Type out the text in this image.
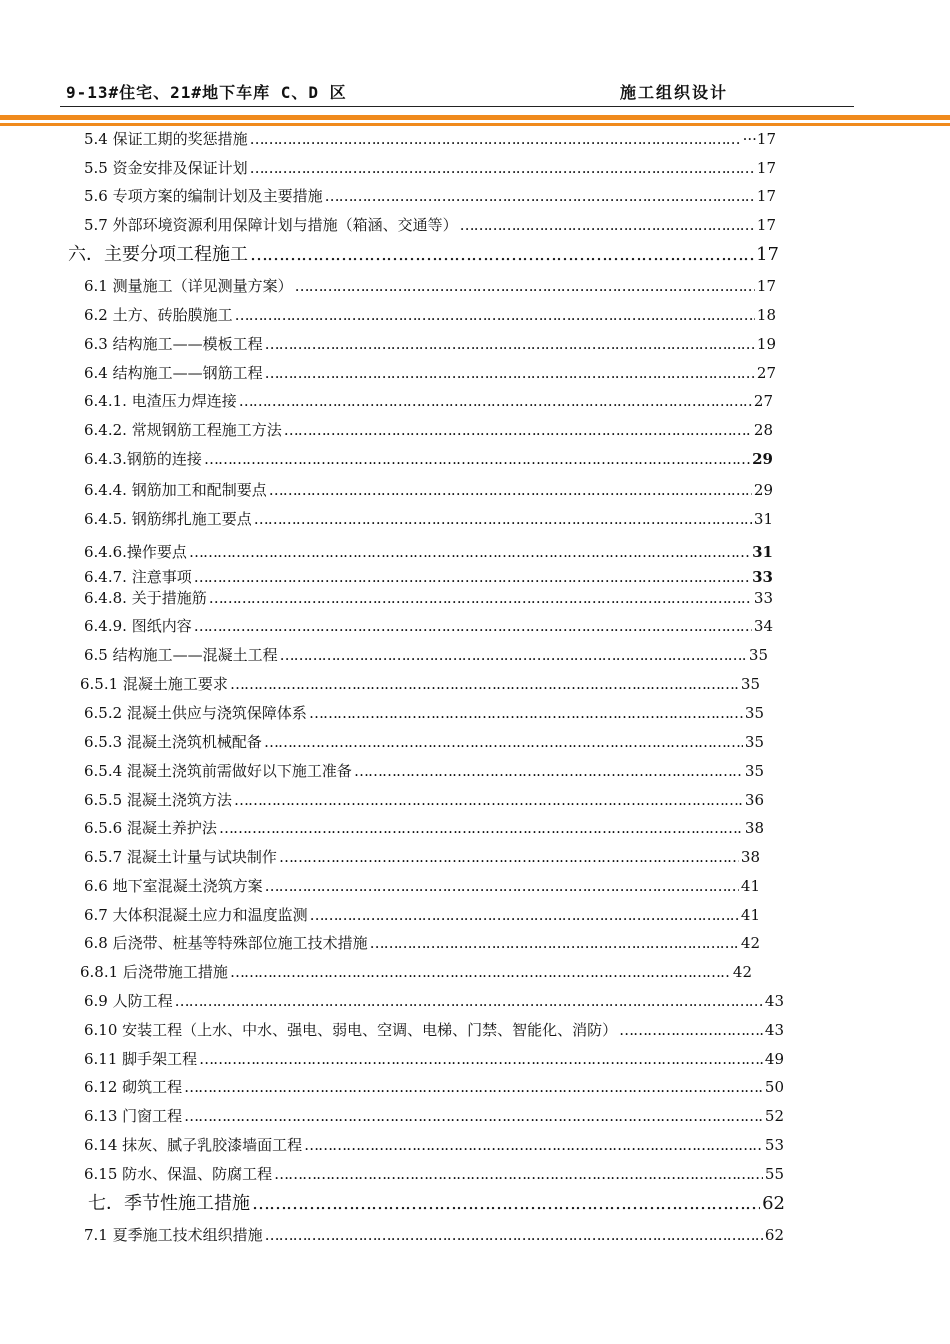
9-13#住宅、21#地下车库 C、D 区	施工组织设计
5.4 保证工期的奖惩措施 ……………………………………………………………………………………………………………………………………………………………………………………………………………………………………………………………………………………	···17
5.5 资金安排及保证计划 ……………………………………………………………………………………………………………………………………………………………………………………………………………………………………………………………………………………	17
5.6 专项方案的编制计划及主要措施 ……………………………………………………………………………………………………………………………………………………………………………………………………………………………………………………………………………………	17
5.7 外部环境资源利用保障计划与措施（箱涵、交通等） ……………………………………………………………………………………………………………………………………………………………………………………………………………………………………………………………………………………	17
六．主要分项工程施工 ……………………………………………………………………………………………………………………………………………………………………………………………………………………………………………………………………………………	17
6.1 测量施工（详见测量方案） ……………………………………………………………………………………………………………………………………………………………………………………………………………………………………………………………………………………	17
6.2 土方、砖胎膜施工 ……………………………………………………………………………………………………………………………………………………………………………………………………………………………………………………………………………………	18
6.3 结构施工——模板工程 ……………………………………………………………………………………………………………………………………………………………………………………………………………………………………………………………………………………	19
6.4 结构施工——钢筋工程 ……………………………………………………………………………………………………………………………………………………………………………………………………………………………………………………………………………………	27
6.4.1. 电渣压力焊连接 ……………………………………………………………………………………………………………………………………………………………………………………………………………………………………………………………………………………	27
6.4.2. 常规钢筋工程施工方法 ……………………………………………………………………………………………………………………………………………………………………………………………………………………………………………………………………………………	28
6.4.3.钢筋的连接 ……………………………………………………………………………………………………………………………………………………………………………………………………………………………………………………………………………………	29
6.4.4. 钢筋加工和配制要点 ……………………………………………………………………………………………………………………………………………………………………………………………………………………………………………………………………………………	29
6.4.5. 钢筋绑扎施工要点 ……………………………………………………………………………………………………………………………………………………………………………………………………………………………………………………………………………………	31
6.4.6.操作要点 ……………………………………………………………………………………………………………………………………………………………………………………………………………………………………………………………………………………	31
6.4.7. 注意事项 ……………………………………………………………………………………………………………………………………………………………………………………………………………………………………………………………………………………	33
6.4.8. 关于措施筋 ……………………………………………………………………………………………………………………………………………………………………………………………………………………………………………………………………………………	33
6.4.9. 图纸内容 ……………………………………………………………………………………………………………………………………………………………………………………………………………………………………………………………………………………	34
6.5 结构施工——混凝土工程 ……………………………………………………………………………………………………………………………………………………………………………………………………………………………………………………………………………………	35
6.5.1 混凝土施工要求 ……………………………………………………………………………………………………………………………………………………………………………………………………………………………………………………………………………………	35
6.5.2 混凝土供应与浇筑保障体系 ……………………………………………………………………………………………………………………………………………………………………………………………………………………………………………………………………………………	35
6.5.3 混凝土浇筑机械配备 ……………………………………………………………………………………………………………………………………………………………………………………………………………………………………………………………………………………	35
6.5.4 混凝土浇筑前需做好以下施工准备 ……………………………………………………………………………………………………………………………………………………………………………………………………………………………………………………………………………………	35
6.5.5 混凝土浇筑方法 ……………………………………………………………………………………………………………………………………………………………………………………………………………………………………………………………………………………	36
6.5.6 混凝土养护法 ……………………………………………………………………………………………………………………………………………………………………………………………………………………………………………………………………………………	38
6.5.7 混凝土计量与试块制作 ……………………………………………………………………………………………………………………………………………………………………………………………………………………………………………………………………………………	38
6.6 地下室混凝土浇筑方案 ……………………………………………………………………………………………………………………………………………………………………………………………………………………………………………………………………………………	41
6.7 大体积混凝土应力和温度监测 ……………………………………………………………………………………………………………………………………………………………………………………………………………………………………………………………………………………	41
6.8 后浇带、桩基等特殊部位施工技术措施 ……………………………………………………………………………………………………………………………………………………………………………………………………………………………………………………………………………………	42
6.8.1 后浇带施工措施 ……………………………………………………………………………………………………………………………………………………………………………………………………………………………………………………………………………………	42
6.9 人防工程 ……………………………………………………………………………………………………………………………………………………………………………………………………………………………………………………………………………………	43
6.10 安装工程（上水、中水、强电、弱电、空调、电梯、门禁、智能化、消防） ……………………………………………………………………………………………………………………………………………………………………………………………………………………………………………………………………………………	43
6.11 脚手架工程 ……………………………………………………………………………………………………………………………………………………………………………………………………………………………………………………………………………………	49
6.12 砌筑工程 ……………………………………………………………………………………………………………………………………………………………………………………………………………………………………………………………………………………	50
6.13 门窗工程 ……………………………………………………………………………………………………………………………………………………………………………………………………………………………………………………………………………………	52
6.14 抹灰、腻子乳胶漆墙面工程 ……………………………………………………………………………………………………………………………………………………………………………………………………………………………………………………………………………………	53
6.15 防水、保温、防腐工程 ……………………………………………………………………………………………………………………………………………………………………………………………………………………………………………………………………………………	55
七．季节性施工措施 ……………………………………………………………………………………………………………………………………………………………………………………………………………………………………………………………………………………	62
7.1 夏季施工技术组织措施 ……………………………………………………………………………………………………………………………………………………………………………………………………………………………………………………………………………………	62
